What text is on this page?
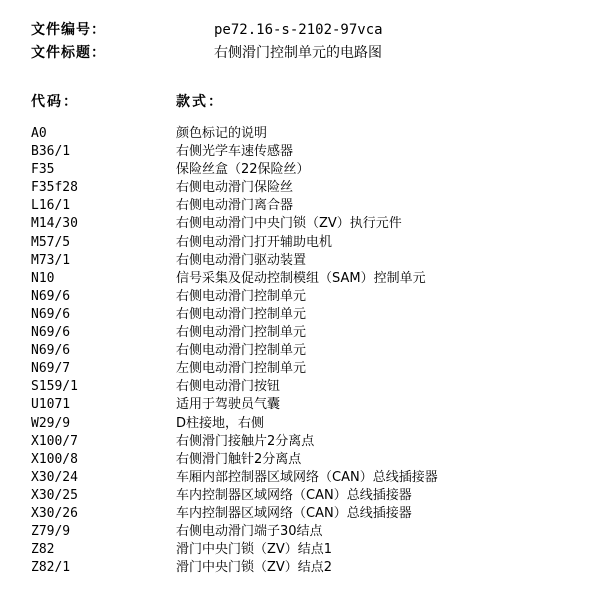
文件编号：	pe72.16-s-2102-97vca
文件标题：	右侧滑门控制单元的电路图
代码：	款式：
A0	颜色标记的说明
B36/1	右侧光学车速传感器
F35	保险丝盒（22保险丝）
F35f28	右侧电动滑门保险丝
L16/1	右侧电动滑门离合器
M14/30	右侧电动滑门中央门锁（ZV）执行元件
M57/5	右侧电动滑门打开辅助电机
M73/1	右侧电动滑门驱动装置
N10	信号采集及促动控制模组（SAM）控制单元
N69/6	右侧电动滑门控制单元
N69/6	右侧电动滑门控制单元
N69/6	右侧电动滑门控制单元
N69/6	右侧电动滑门控制单元
N69/7	左侧电动滑门控制单元
S159/1	右侧电动滑门按钮
U1071	适用于驾驶员气囊
W29/9	D柱接地，右侧
X100/7	右侧滑门接触片2分离点
X100/8	右侧滑门触针2分离点
X30/24	车厢内部控制器区域网络（CAN）总线插接器
X30/25	车内控制器区域网络（CAN）总线插接器
X30/26	车内控制器区域网络（CAN）总线插接器
Z79/9	右侧电动滑门端子30结点
Z82	滑门中央门锁（ZV）结点1
Z82/1	滑门中央门锁（ZV）结点2
